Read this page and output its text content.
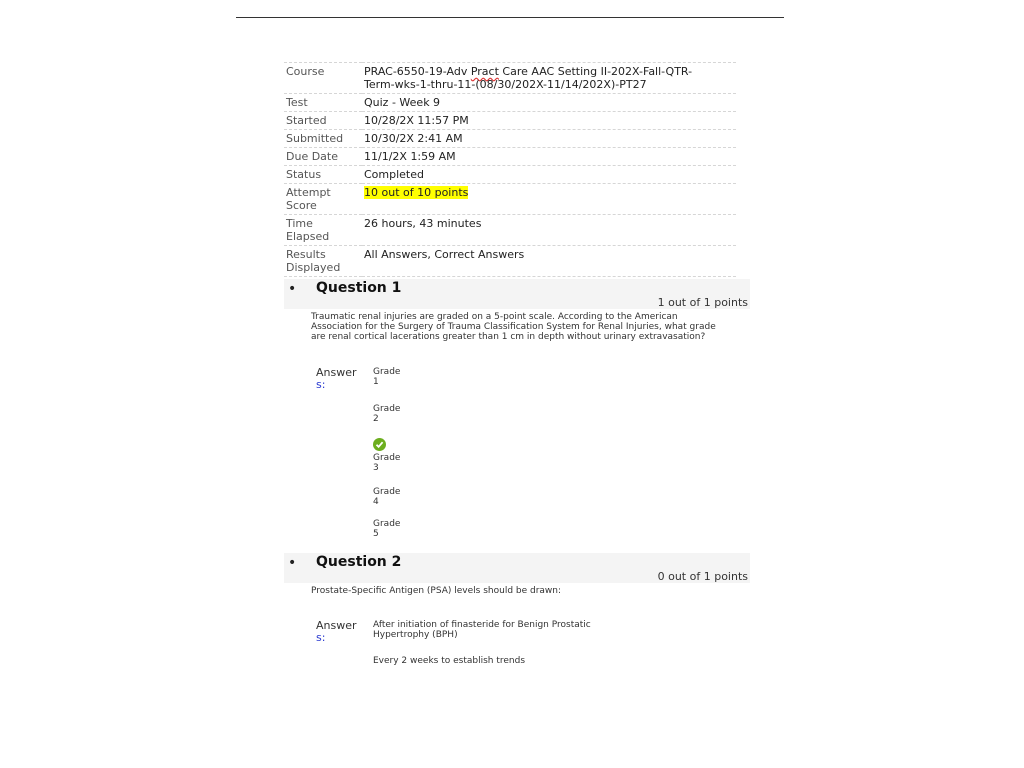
Course	PRAC-6550-19-Adv Pract Care AAC Setting II-202X-Fall-QTR-
Term-wks-1-thru-11-(08/30/202X-11/14/202X)-PT27
Test	Quiz - Week 9
Started	10/28/2X 11:57 PM
Submitted	10/30/2X 2:41 AM
Due Date	11/1/2X 1:59 AM
Status	Completed
Attempt
Score	10 out of 10 points
Time
Elapsed	26 hours, 43 minutes
Results
Displayed	All Answers, Correct Answers
• Question 1
1 out of 1 points
Traumatic renal injuries are graded on a 5-point scale. According to the American Association for the Surgery of Trauma Classification System for Renal Injuries, what grade are renal cortical lacerations greater than 1 cm in depth without urinary extravasation?
Answer
s:
Grade
1
Grade
2
Grade
3
Grade
4
Grade
5
• Question 2
0 out of 1 points
Prostate-Specific Antigen (PSA) levels should be drawn:
Answer
s:
After initiation of finasteride for Benign Prostatic
Hypertrophy (BPH)
Every 2 weeks to establish trends
